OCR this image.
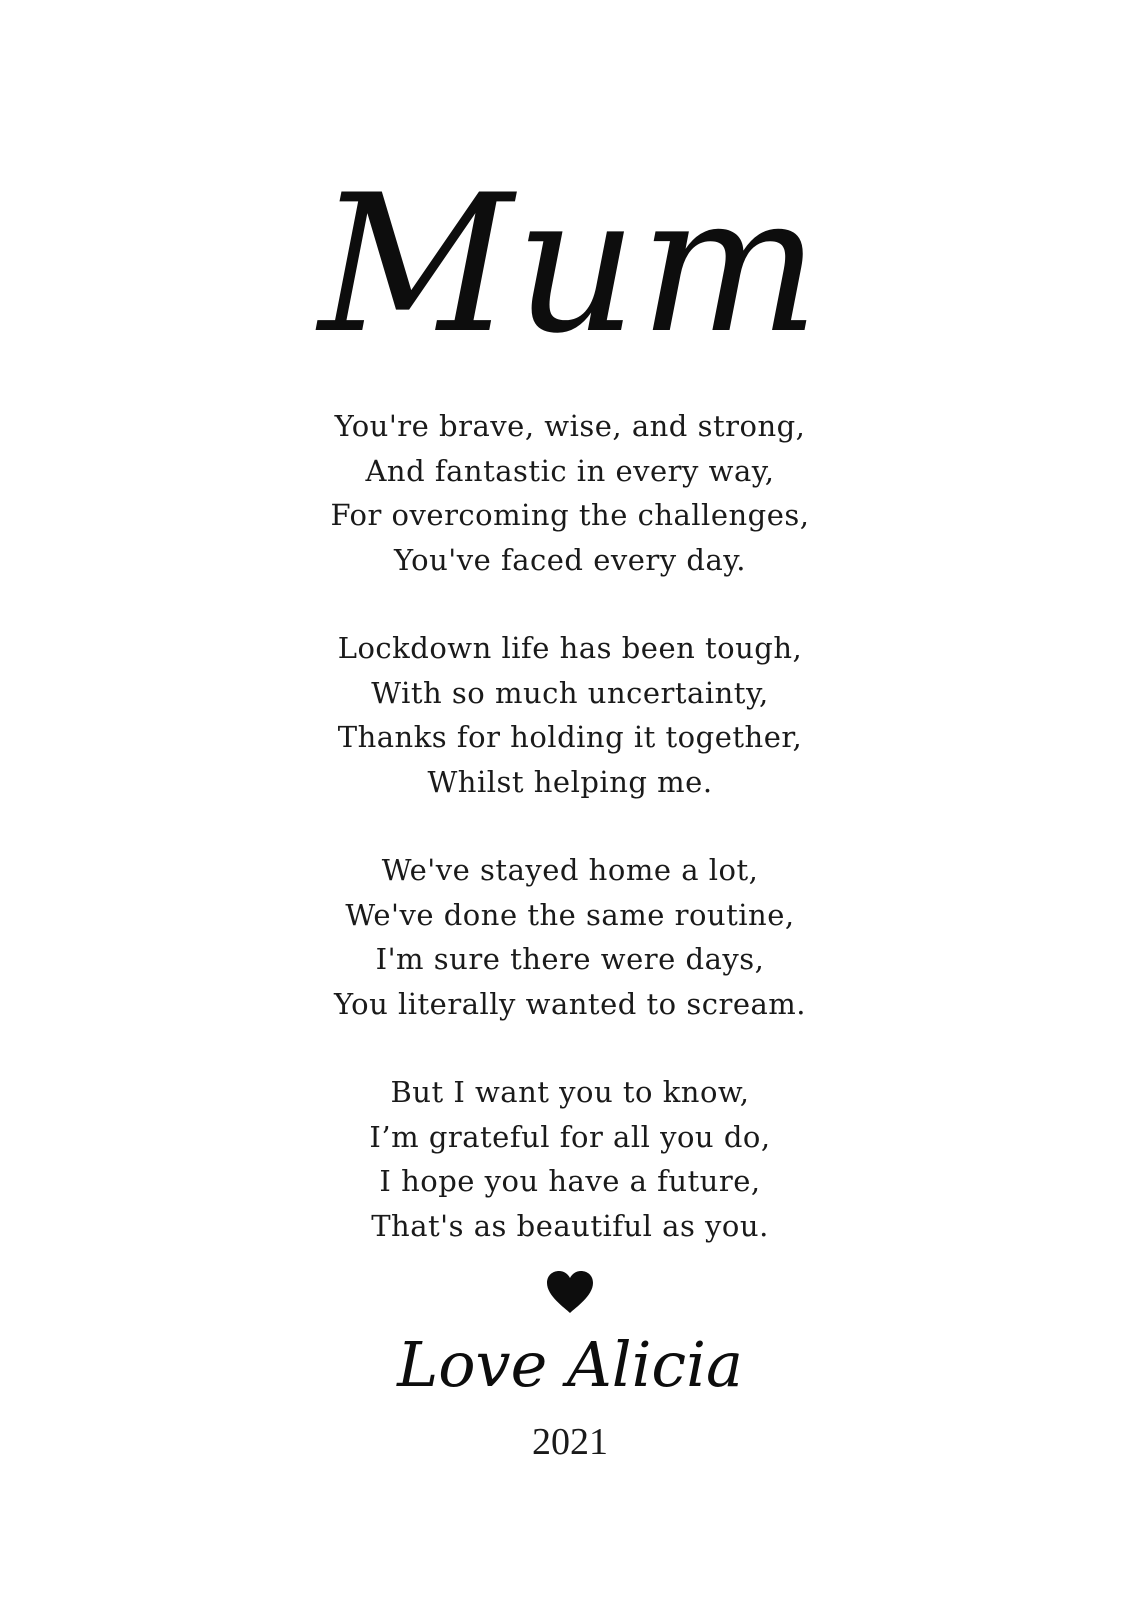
Mum
You're brave, wise, and strong,
And fantastic in every way,
For overcoming the challenges,
You've faced every day.
Lockdown life has been tough,
With so much uncertainty,
Thanks for holding it together,
Whilst helping me.
We've stayed home a lot,
We've done the same routine,
I'm sure there were days,
You literally wanted to scream.
But I want you to know,
I’m grateful for all you do,
I hope you have a future,
That's as beautiful as you.
Love Alicia
2021
